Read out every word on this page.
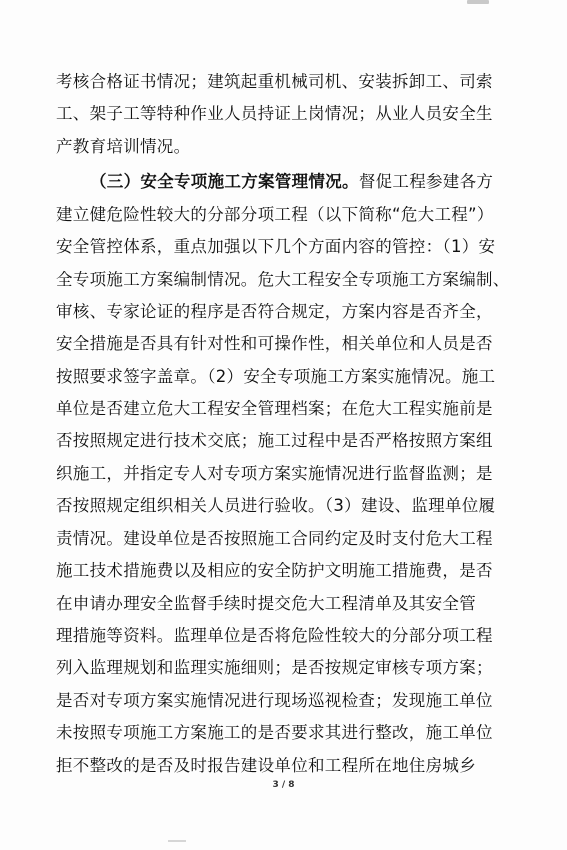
考核合格证书情况；建筑起重机械司机、安装拆卸工、司索
工、架子工等特种作业人员持证上岗情况；从业人员安全生
产教育培训情况。
（三）安全专项施工方案管理情况。督促工程参建各方
建立健危险性较大的分部分项工程（以下简称“危大工程”）
安全管控体系，重点加强以下几个方面内容的管控：（1）安
全专项施工方案编制情况。危大工程安全专项施工方案编制、
审核、专家论证的程序是否符合规定，方案内容是否齐全，
安全措施是否具有针对性和可操作性，相关单位和人员是否
按照要求签字盖章。（2）安全专项施工方案实施情况。施工
单位是否建立危大工程安全管理档案；在危大工程实施前是
否按照规定进行技术交底；施工过程中是否严格按照方案组
织施工，并指定专人对专项方案实施情况进行监督监测；是
否按照规定组织相关人员进行验收。（3）建设、监理单位履
责情况。建设单位是否按照施工合同约定及时支付危大工程
施工技术措施费以及相应的安全防护文明施工措施费，是否
在申请办理安全监督手续时提交危大工程清单及其安全管
理措施等资料。监理单位是否将危险性较大的分部分项工程
列入监理规划和监理实施细则；是否按规定审核专项方案；
是否对专项方案实施情况进行现场巡视检查；发现施工单位
未按照专项施工方案施工的是否要求其进行整改，施工单位
拒不整改的是否及时报告建设单位和工程所在地住房城乡
3 / 8
